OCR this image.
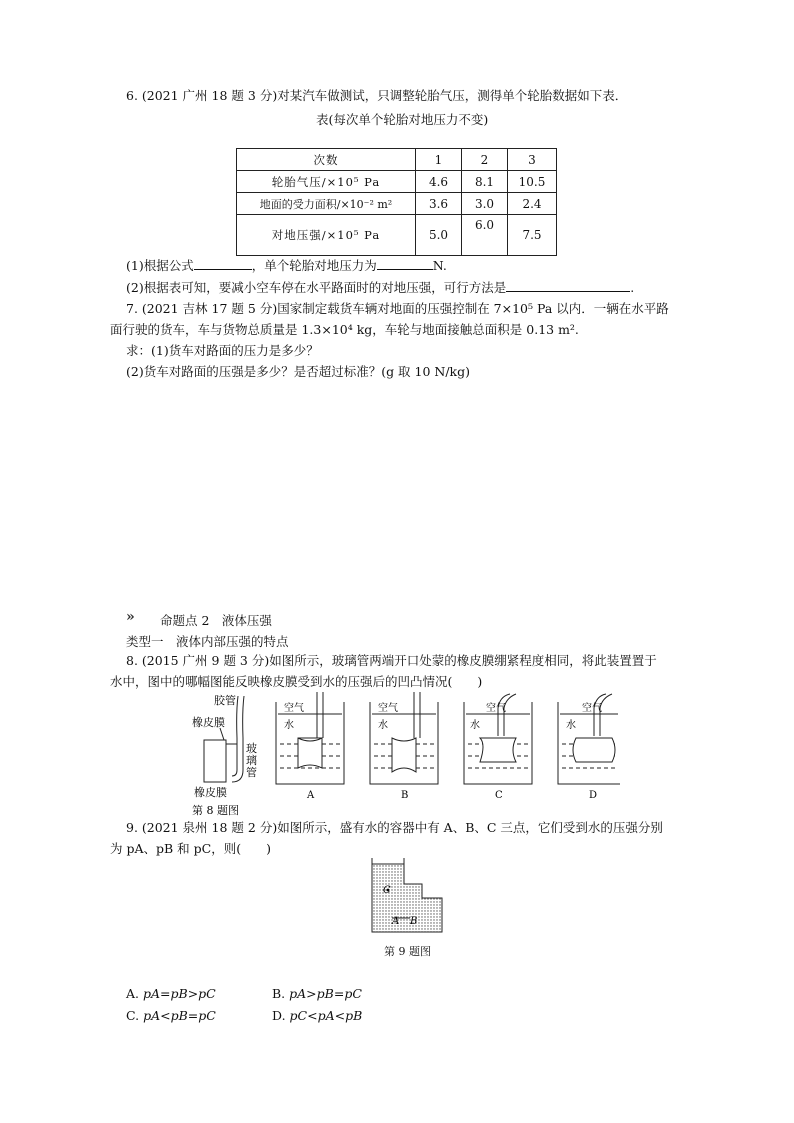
6. (2021 广州 18 题 3 分)对某汽车做测试，只调整轮胎气压，测得单个轮胎数据如下表．
表(每次单个轮胎对地压力不变)
次数	1	2	3
轮胎气压/×10⁵ Pa	4.6	8.1	10.5
地面的受力面积/×10⁻² m²	3.6	3.0	2.4
对地压强/×10⁵ Pa	5.0	6.0	7.5
(1)根据公式	，单个轮胎对地压力为	N.
(2)根据表可知，要减小空车停在水平路面时的对地压强，可行方法是	.
7. (2021 吉林 17 题 5 分)国家制定载货车辆对地面的压强控制在 7×10⁵ Pa 以内．一辆在水平路
面行驶的货车，车与货物总质量是 1.3×10⁴ kg，车轮与地面接触总面积是 0.13 m².
求：(1)货车对路面的压力是多少？
(2)货车对路面的压强是多少？是否超过标准？(g 取 10 N/kg)
» 命题点 2　液体压强
类型一　液体内部压强的特点
8. (2015 广州 9 题 3 分)如图所示，玻璃管两端开口处蒙的橡皮膜绷紧程度相同，将此装置置于
水中，图中的哪幅图能反映橡皮膜受到水的压强后的凹凸情况(　　)
胶管
橡皮膜
玻
璃
管
橡皮膜
第 8 题图
空气
水
A
空气
水
B
空气
水
C
空气
水
D
9. (2021 泉州 18 题 2 分)如图所示，盛有水的容器中有 A、B、C 三点，它们受到水的压强分别
为 pA、pB 和 pC，则(　　)
C
A B
第 9 题图
A. pA=pB>pC	B. pA>pB=pC
C. pA<pB=pC	D. pC<pA<pB
